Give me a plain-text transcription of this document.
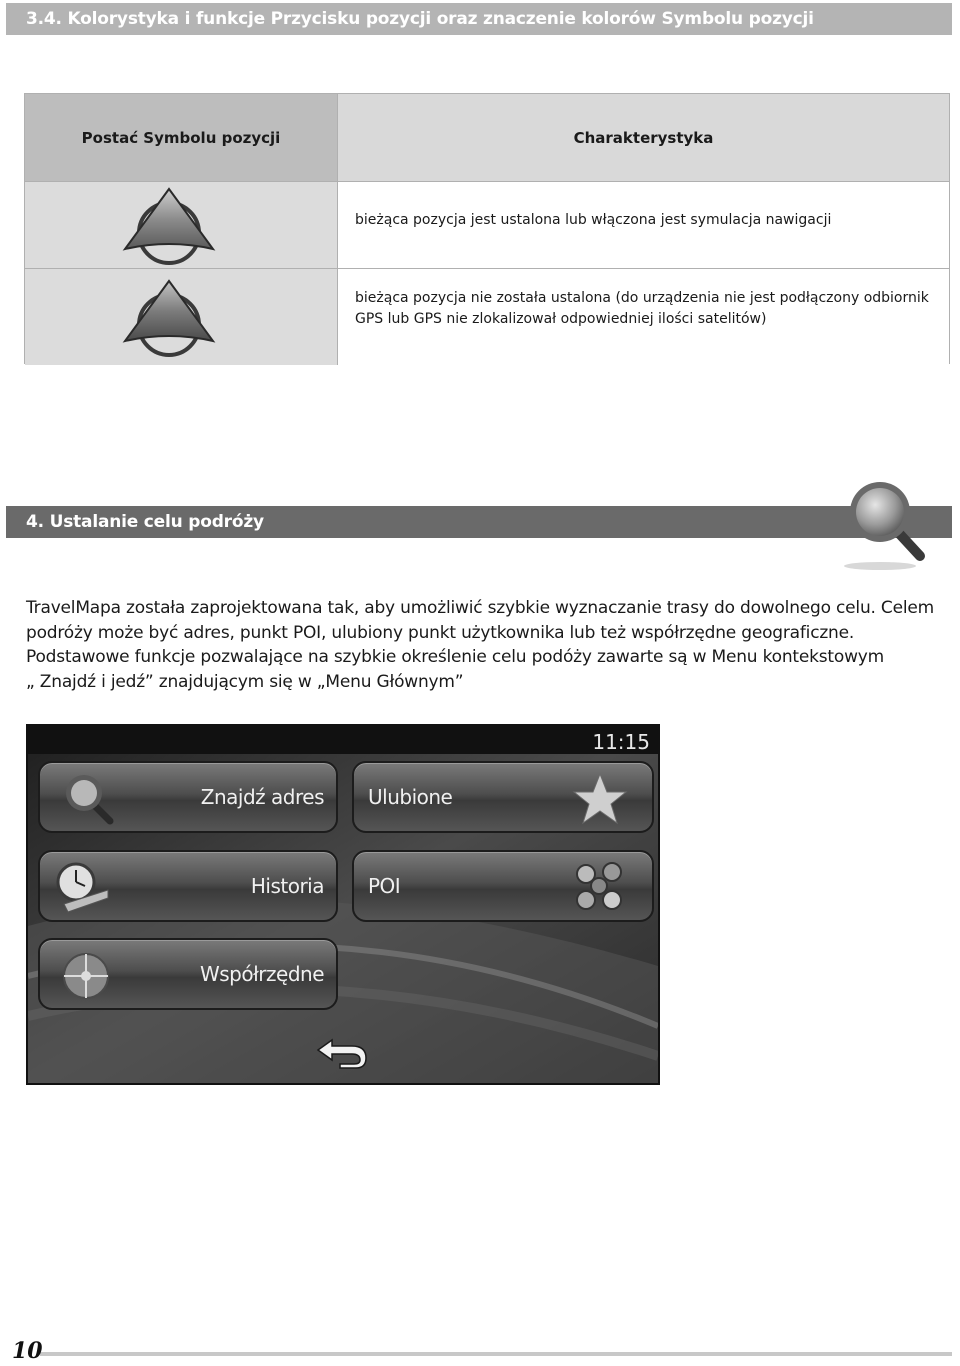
3.4. Kolorystyka i funkcje Przycisku pozycji oraz znaczenie kolorów Symbolu pozycji
Postać Symbolu pozycji	Charakterystyka
bieżąca pozycja jest ustalona lub włączona jest symulacja nawigacji
bieżąca pozycja nie została ustalona (do urządzenia nie jest podłączony odbiornik
GPS lub GPS nie zlokalizował odpowiedniej ilości satelitów)
4. Ustalanie celu podróży
TravelMapa została zaprojektowana tak, aby umożliwić szybkie wyznaczanie trasy do dowolnego celu. Celem
podróży może być adres, punkt POI, ulubiony punkt użytkownika lub też współrzędne geograficzne.
Podstawowe funkcje pozwalające na szybkie określenie celu podóży zawarte są w Menu kontekstowym
„ Znajdź i jedź” znajdującym się w „Menu Głównym”
11:15
Znajdź adres Ulubione
Historia POI
Współrzędne
10
